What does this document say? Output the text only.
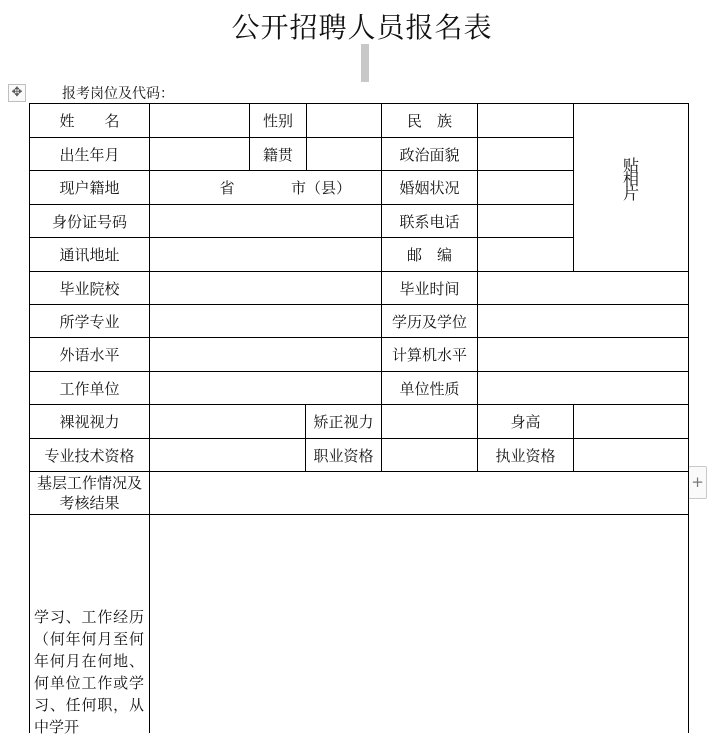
公开招聘人员报名表
✥
+
报考岗位及代码：
姓　　名	性别	民　族
出生年月	籍贯	政治面貌
现户籍地	省	市（县）	婚姻状况
身份证号码	联系电话
通讯地址	邮　编
贴
相
片
毕业院校	毕业时间
所学专业	学历及学位
外语水平	计算机水平
工作单位	单位性质
裸视视力	矫正视力	身高
专业技术资格	职业资格	执业资格
基层工作情况及考核结果
学习、工作经历（何年何月至何年何月在何地、何单位工作或学习、任何职，从中学开
